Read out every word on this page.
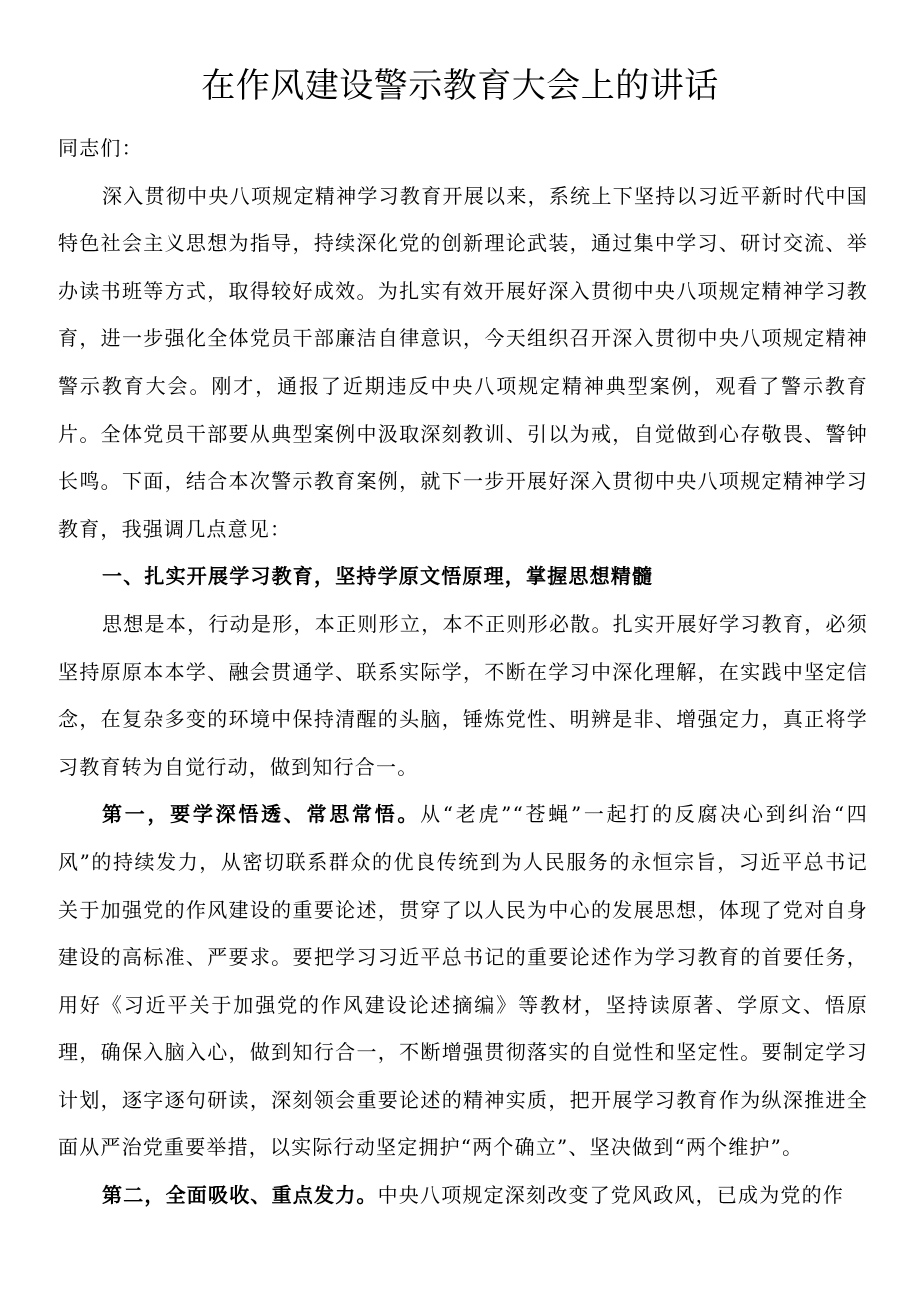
在作风建设警示教育大会上的讲话

同志们：

深入贯彻中央八项规定精神学习教育开展以来，系统上下坚持以习近平新时代中国特色社会主义思想为指导，持续深化党的创新理论武装，通过集中学习、研讨交流、举办读书班等方式，取得较好成效。为扎实有效开展好深入贯彻中央八项规定精神学习教育，进一步强化全体党员干部廉洁自律意识，今天组织召开深入贯彻中央八项规定精神警示教育大会。刚才，通报了近期违反中央八项规定精神典型案例，观看了警示教育片。全体党员干部要从典型案例中汲取深刻教训、引以为戒，自觉做到心存敬畏、警钟长鸣。下面，结合本次警示教育案例，就下一步开展好深入贯彻中央八项规定精神学习教育，我强调几点意见：

一、扎实开展学习教育，坚持学原文悟原理，掌握思想精髓

思想是本，行动是形，本正则形立，本不正则形必散。扎实开展好学习教育，必须坚持原原本本学、融会贯通学、联系实际学，不断在学习中深化理解，在实践中坚定信念，在复杂多变的环境中保持清醒的头脑，锤炼党性、明辨是非、增强定力，真正将学习教育转为自觉行动，做到知行合一。

第一，要学深悟透、常思常悟。从“老虎”“苍蝇”一起打的反腐决心到纠治“四风”的持续发力，从密切联系群众的优良传统到为人民服务的永恒宗旨，习近平总书记关于加强党的作风建设的重要论述，贯穿了以人民为中心的发展思想，体现了党对自身建设的高标准、严要求。要把学习习近平总书记的重要论述作为学习教育的首要任务，用好《习近平关于加强党的作风建设论述摘编》等教材，坚持读原著、学原文、悟原理，确保入脑入心，做到知行合一，不断增强贯彻落实的自觉性和坚定性。要制定学习计划，逐字逐句研读，深刻领会重要论述的精神实质，把开展学习教育作为纵深推进全面从严治党重要举措，以实际行动坚定拥护“两个确立”、坚决做到“两个维护”。

第二，全面吸收、重点发力。中央八项规定深刻改变了党风政风，已成为党的作
